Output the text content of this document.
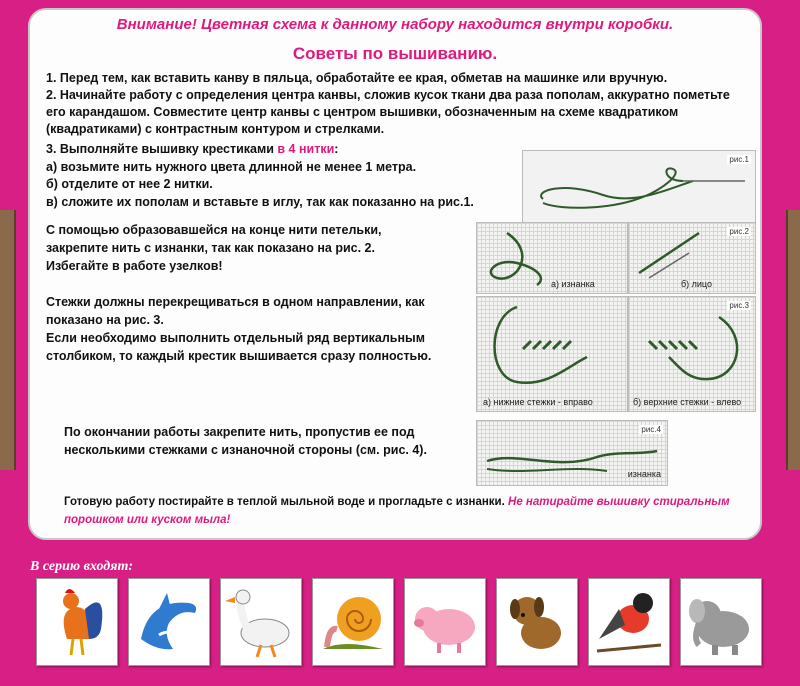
Внимание! Цветная схема к данному набору находится внутри коробки.
Советы по вышиванию.
1. Перед тем, как вставить канву в пяльца, обработайте ее края, обметав на машинке или вручную.
2. Начинайте работу с определения центра канвы, сложив кусок ткани два раза пополам, аккуратно пометьте
его карандашом. Совместите центр канвы с центром вышивки, обозначенным на схеме квадратиком
(квадратиками) с контрастным контуром и стрелками.
3. Выполняйте вышивку крестиками в 4 нитки:
а) возьмите нить нужного цвета длинной не менее 1 метра.
б) отделите от нее 2 нитки.
в) сложите их пополам и вставьте в иглу, так как показанно на рис.1.
С помощью образовавшейся на конце нити петельки,
закрепите нить с изнанки, так как показано на рис. 2.
Избегайте в работе узелков!
Стежки должны перекрещиваться в одном направлении, как
показано на рис. 3.
Если необходимо выполнить отдельный ряд вертикальным
столбиком, то каждый крестик вышивается сразу полностью.
По окончании работы закрепите нить, пропустив ее под
несколькими стежками с изнаночной стороны (см. рис. 4).
Готовую работу постирайте в теплой мыльной воде и прогладьте с изнанки. Не натирайте вышивку стиральным
порошком или куском мыла!
рис.1
а) изнанка
рис.2
б) лицо
а) нижние стежки - вправо
рис.3
б) верхние стежки - влево
рис.4
изнанка
В серию входят:
